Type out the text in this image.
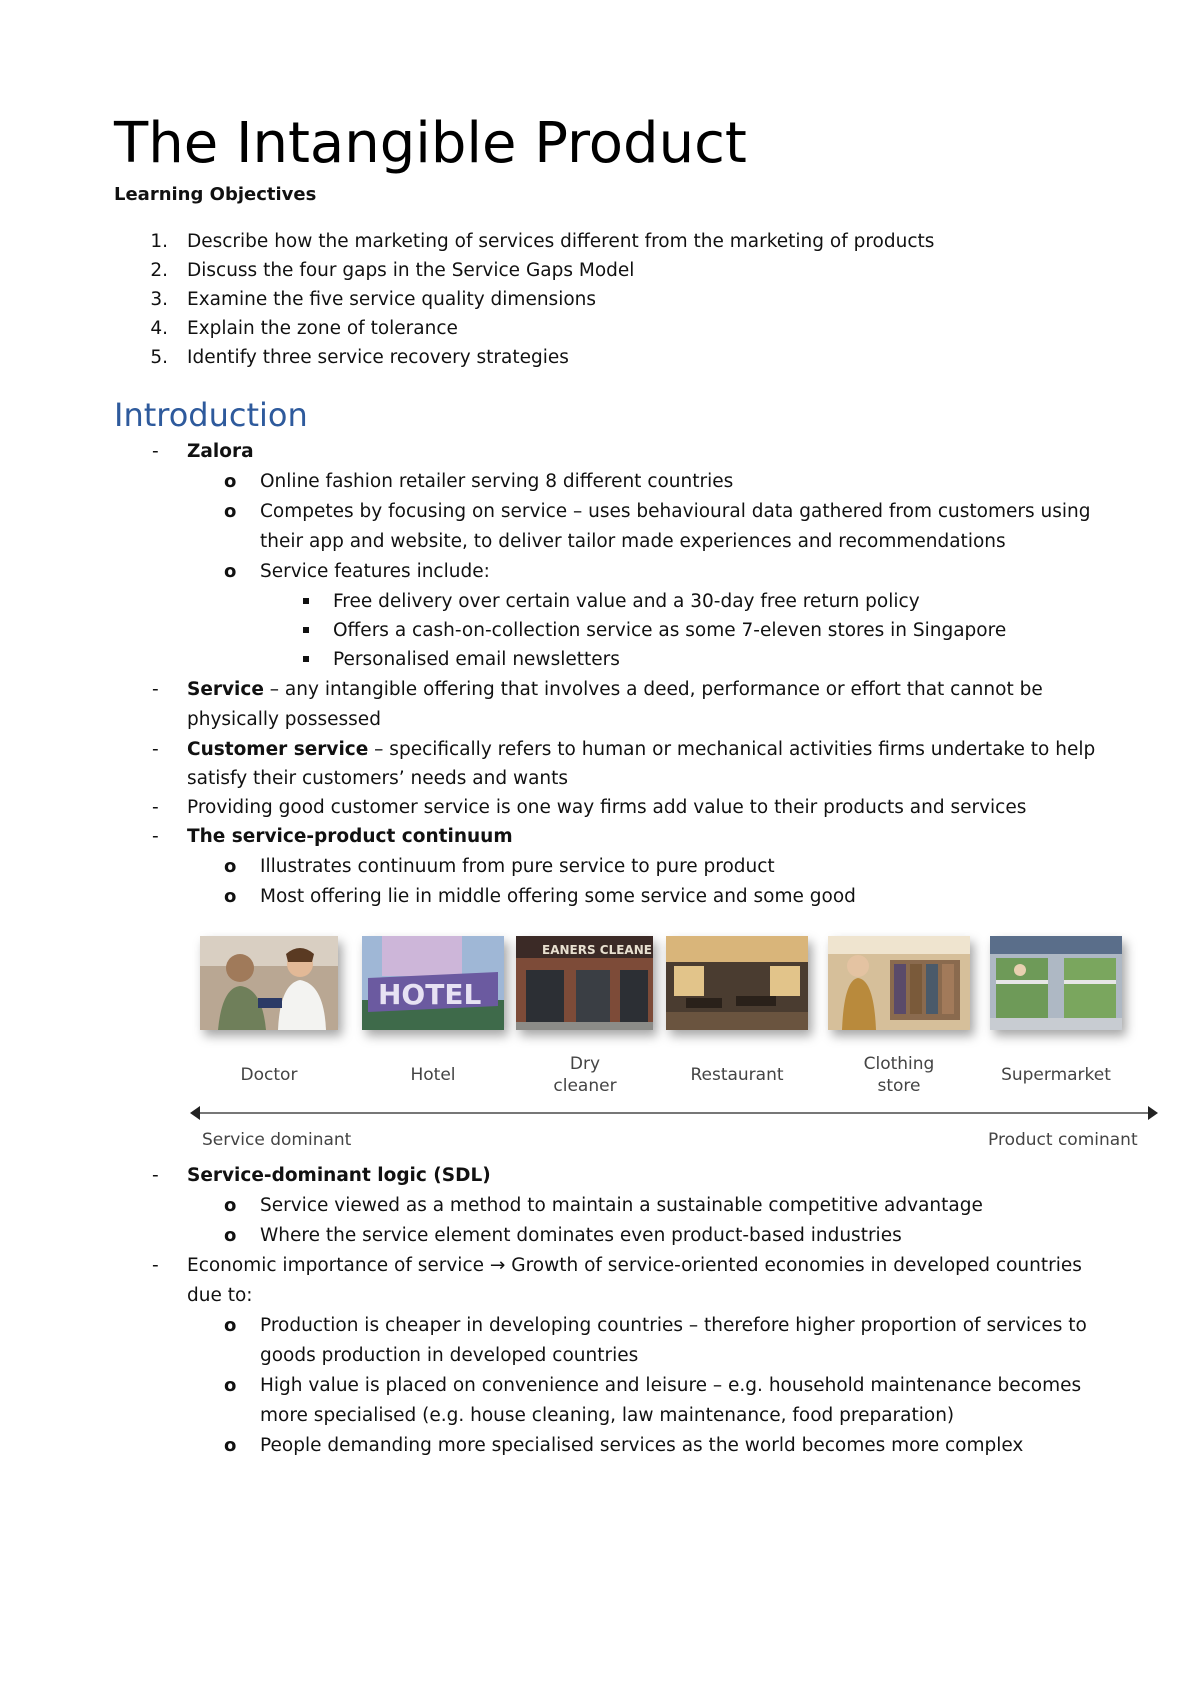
The Intangible Product
Learning Objectives
1. Describe how the marketing of services different from the marketing of products
2. Discuss the four gaps in the Service Gaps Model
3. Examine the five service quality dimensions
4. Explain the zone of tolerance
5. Identify three service recovery strategies
Introduction
- Zalora
o Online fashion retailer serving 8 different countries
o Competes by focusing on service – uses behavioural data gathered from customers using
their app and website, to deliver tailor made experiences and recommendations
o Service features include:
Free delivery over certain value and a 30-day free return policy
Offers a cash-on-collection service as some 7-eleven stores in Singapore
Personalised email newsletters
- Service – any intangible offering that involves a deed, performance or effort that cannot be
physically possessed
- Customer service – specifically refers to human or mechanical activities firms undertake to help
satisfy their customers’ needs and wants
- Providing good customer service is one way firms add value to their products and services
- The service-product continuum
o Illustrates continuum from pure service to pure product
o Most offering lie in middle offering some service and some good
HOTEL
EANERS CLEANE
Doctor	Hotel
Dry
cleaner
Restaurant
Clothing
store
Supermarket
Service dominant	Product cominant
- Service-dominant logic (SDL)
o Service viewed as a method to maintain a sustainable competitive advantage
o Where the service element dominates even product-based industries
- Economic importance of service → Growth of service-oriented economies in developed countries
due to:
o Production is cheaper in developing countries – therefore higher proportion of services to
goods production in developed countries
o High value is placed on convenience and leisure – e.g. household maintenance becomes
more specialised (e.g. house cleaning, law maintenance, food preparation)
o People demanding more specialised services as the world becomes more complex
